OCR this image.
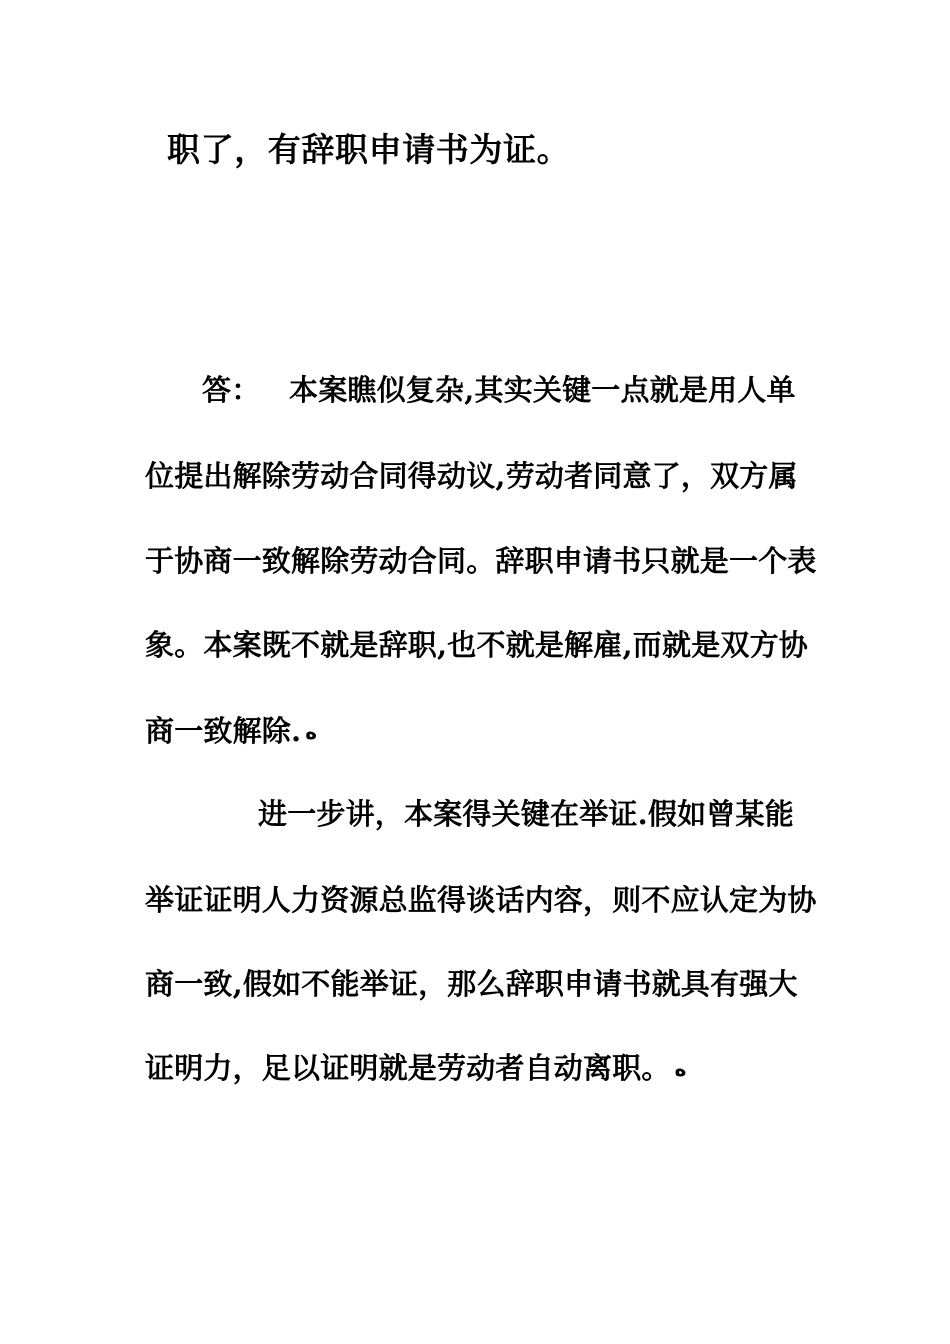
职了，有辞职申请书为证。
答： 本案瞧似复杂,其实关键一点就是用人单
位提出解除劳动合同得动议,劳动者同意了，双方属
于协商一致解除劳动合同。辞职申请书只就是一个表
象。本案既不就是辞职,也不就是解雇,而就是双方协
商一致解除. ﻩ
进一步讲，本案得关键在举证.假如曾某能
举证证明人力资源总监得谈话内容，则不应认定为协
商一致,假如不能举证，那么辞职申请书就具有强大
证明力，足以证明就是劳动者自动离职。 ﻩ
